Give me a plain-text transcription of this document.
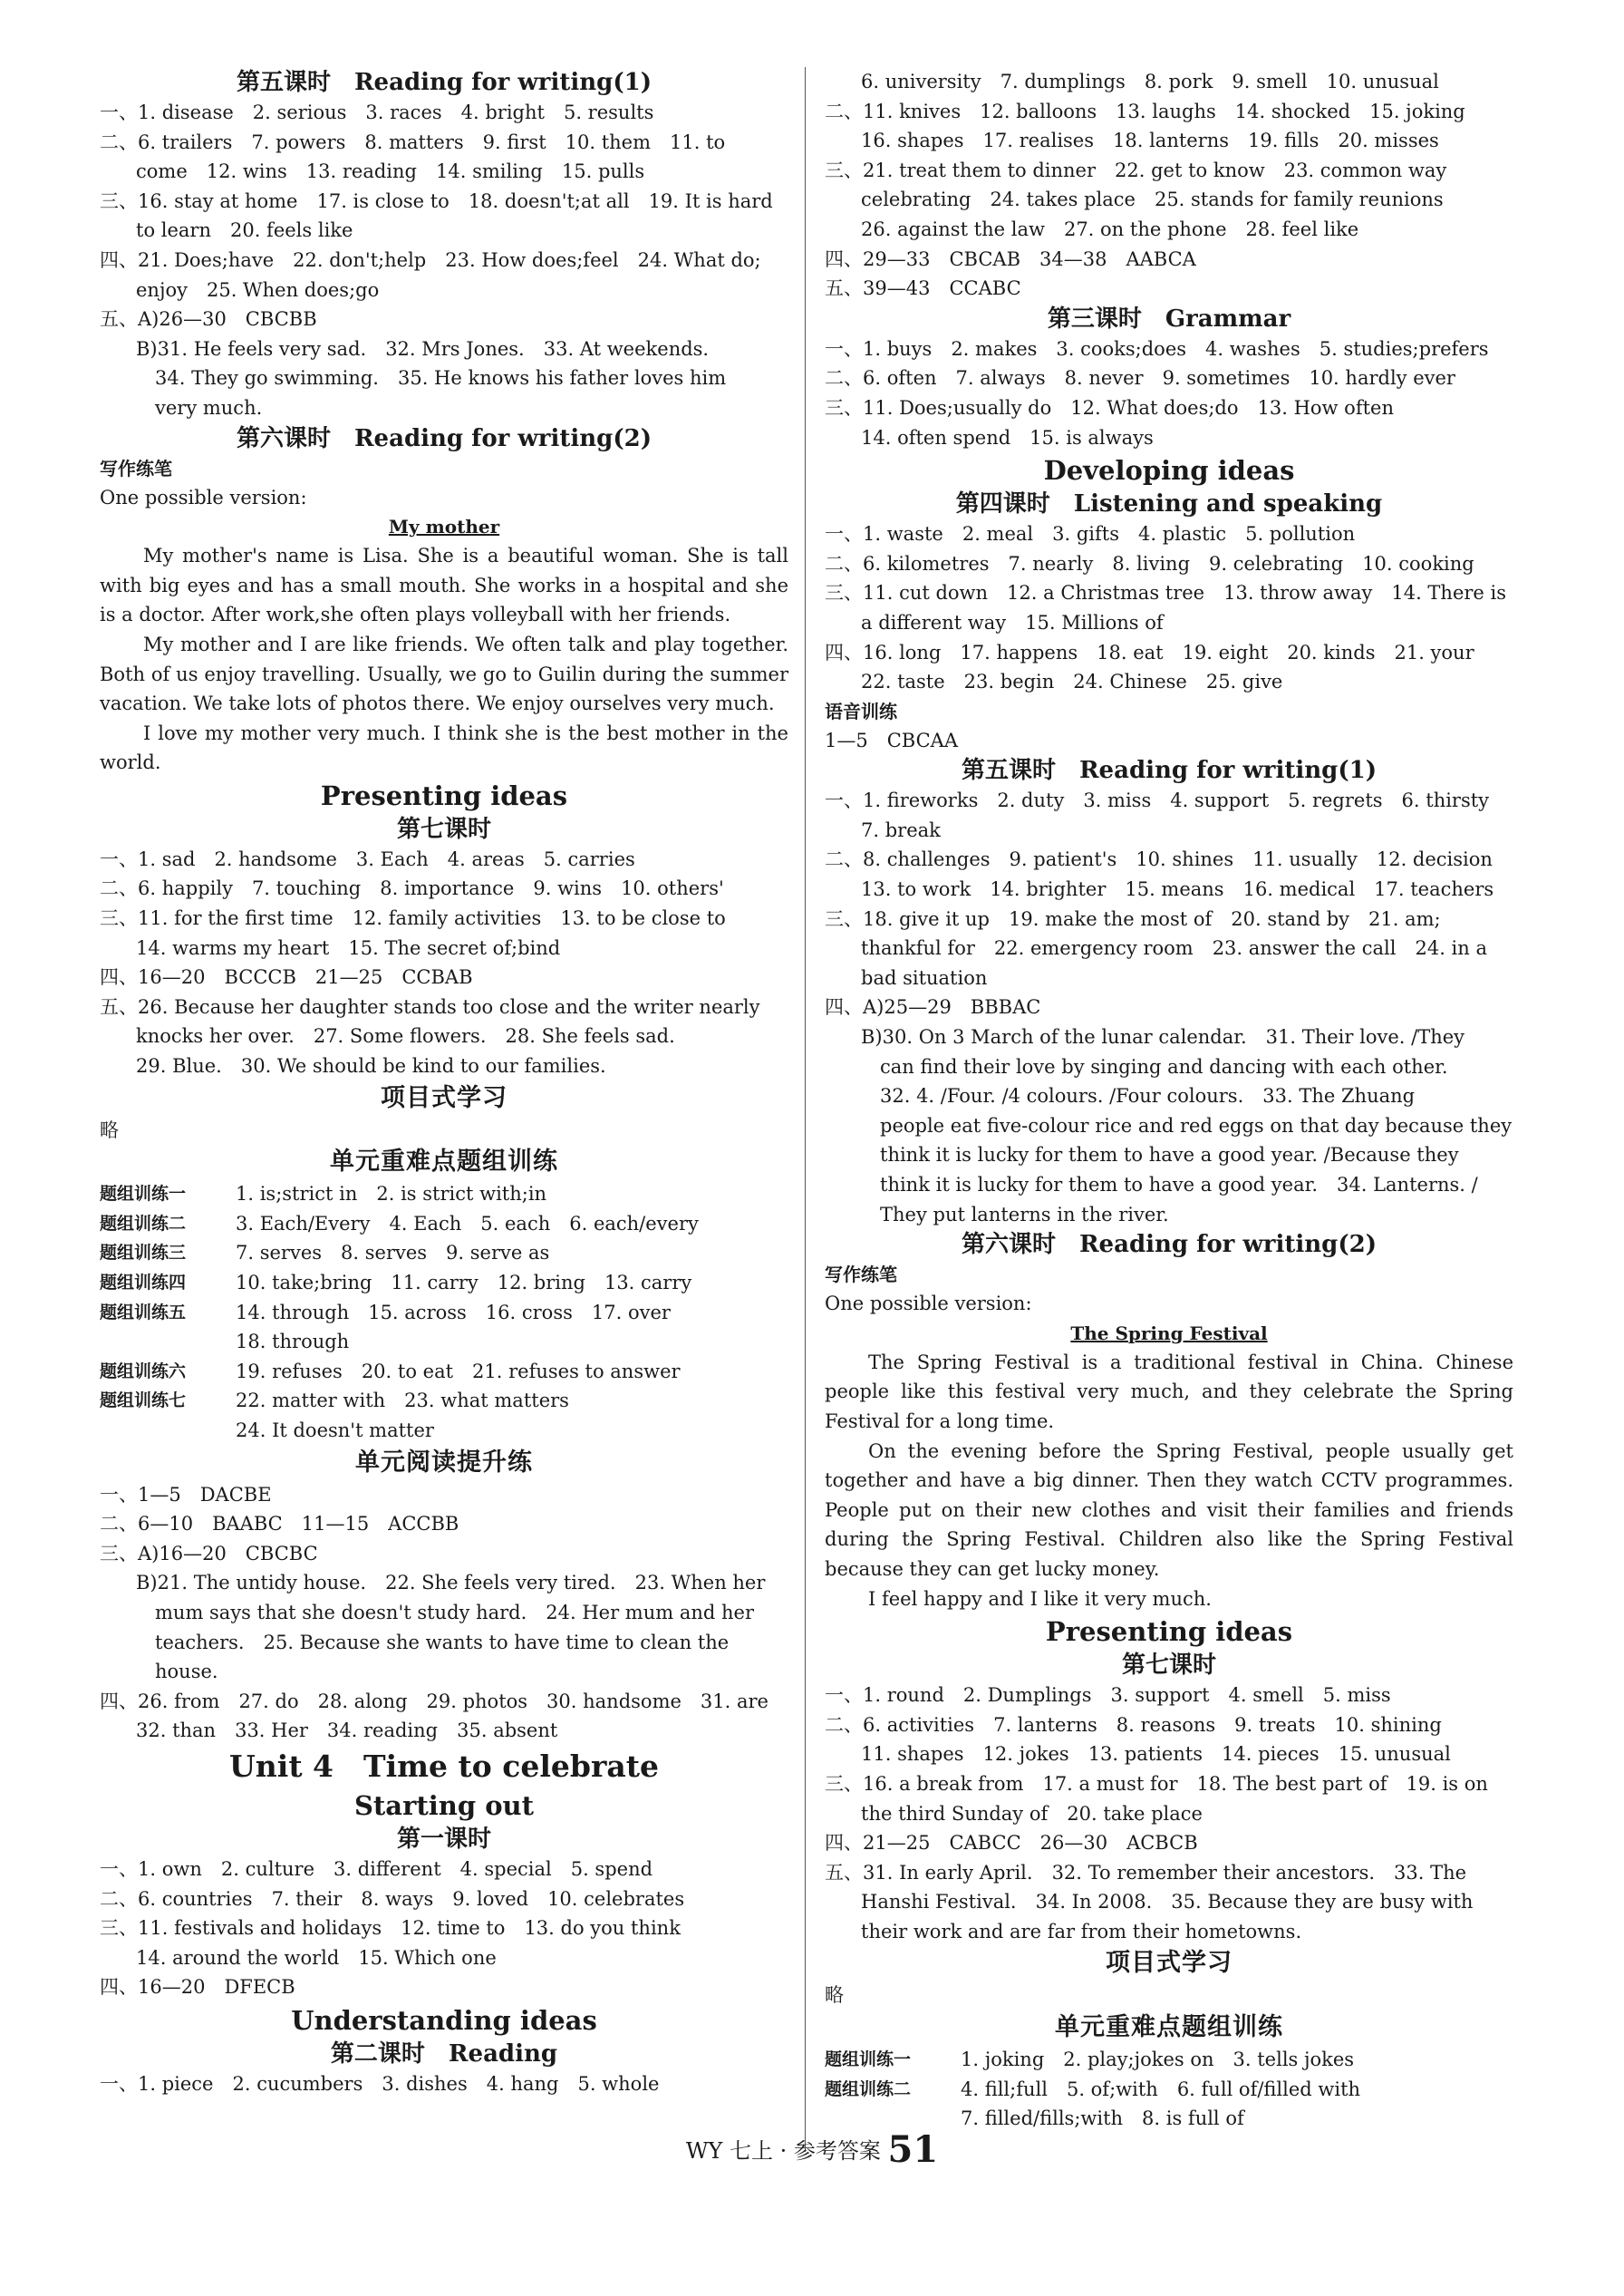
第五课时　Reading for writing(1)
一、1. disease　2. serious　3. races　4. bright　5. results
二、6. trailers　7. powers　8. matters　9. first　10. them　11. to
come　12. wins　13. reading　14. smiling　15. pulls
三、16. stay at home　17. is close to　18. doesn't;at all　19. It is hard
to learn　20. feels like
四、21. Does;have　22. don't;help　23. How does;feel　24. What do;
enjoy　25. When does;go
五、A)26—30　CBCBB
B)31. He feels very sad.　32. Mrs Jones.　33. At weekends.
　34. They go swimming.　35. He knows his father loves him
　very much.
第六课时　Reading for writing(2)
写作练笔
One possible version:
My mother
My mother's name is Lisa. She is a beautiful woman. She is tall with big eyes and has a small mouth. She works in a hospital and she is a doctor. After work,she often plays volleyball with her friends.
My mother and I are like friends. We often talk and play together. Both of us enjoy travelling. Usually, we go to Guilin during the summer vacation. We take lots of photos there. We enjoy ourselves very much.
I love my mother very much. I think she is the best mother in the world.
Presenting ideas
第七课时
一、1. sad　2. handsome　3. Each　4. areas　5. carries
二、6. happily　7. touching　8. importance　9. wins　10. others'
三、11. for the first time　12. family activities　13. to be close to
14. warms my heart　15. The secret of;bind
四、16—20　BCCCB　21—25　CCBAB
五、26. Because her daughter stands too close and the writer nearly
knocks her over.　27. Some flowers.　28. She feels sad.
29. Blue.　30. We should be kind to our families.
项目式学习
略
单元重难点题组训练
题组训练一	1. is;strict in　2. is strict with;in
题组训练二	3. Each/Every　4. Each　5. each　6. each/every
题组训练三	7. serves　8. serves　9. serve as
题组训练四	10. take;bring　11. carry　12. bring　13. carry
题组训练五	14. through　15. across　16. cross　17. over
18. through
题组训练六	19. refuses　20. to eat　21. refuses to answer
题组训练七	22. matter with　23. what matters
24. It doesn't matter
单元阅读提升练
一、1—5　DACBE
二、6—10　BAABC　11—15　ACCBB
三、A)16—20　CBCBC
B)21. The untidy house.　22. She feels very tired.　23. When her
　mum says that she doesn't study hard.　24. Her mum and her
　teachers.　25. Because she wants to have time to clean the
　house.
四、26. from　27. do　28. along　29. photos　30. handsome　31. are
32. than　33. Her　34. reading　35. absent
Unit 4　Time to celebrate
Starting out
第一课时
一、1. own　2. culture　3. different　4. special　5. spend
二、6. countries　7. their　8. ways　9. loved　10. celebrates
三、11. festivals and holidays　12. time to　13. do you think
14. around the world　15. Which one
四、16—20　DFECB
Understanding ideas
第二课时　Reading
一、1. piece　2. cucumbers　3. dishes　4. hang　5. whole
6. university　7. dumplings　8. pork　9. smell　10. unusual
二、11. knives　12. balloons　13. laughs　14. shocked　15. joking
16. shapes　17. realises　18. lanterns　19. fills　20. misses
三、21. treat them to dinner　22. get to know　23. common way
celebrating　24. takes place　25. stands for family reunions
26. against the law　27. on the phone　28. feel like
四、29—33　CBCAB　34—38　AABCA
五、39—43　CCABC
第三课时　Grammar
一、1. buys　2. makes　3. cooks;does　4. washes　5. studies;prefers
二、6. often　7. always　8. never　9. sometimes　10. hardly ever
三、11. Does;usually do　12. What does;do　13. How often
14. often spend　15. is always
Developing ideas
第四课时　Listening and speaking
一、1. waste　2. meal　3. gifts　4. plastic　5. pollution
二、6. kilometres　7. nearly　8. living　9. celebrating　10. cooking
三、11. cut down　12. a Christmas tree　13. throw away　14. There is
a different way　15. Millions of
四、16. long　17. happens　18. eat　19. eight　20. kinds　21. your
22. taste　23. begin　24. Chinese　25. give
语音训练
1—5　CBCAA
第五课时　Reading for writing(1)
一、1. fireworks　2. duty　3. miss　4. support　5. regrets　6. thirsty
7. break
二、8. challenges　9. patient's　10. shines　11. usually　12. decision
13. to work　14. brighter　15. means　16. medical　17. teachers
三、18. give it up　19. make the most of　20. stand by　21. am;
thankful for　22. emergency room　23. answer the call　24. in a
bad situation
四、A)25—29　BBBAC
B)30. On 3 March of the lunar calendar.　31. Their love. /They
　can find their love by singing and dancing with each other.
　32. 4. /Four. /4 colours. /Four colours.　33. The Zhuang
　people eat five-colour rice and red eggs on that day because they
　think it is lucky for them to have a good year. /Because they
　think it is lucky for them to have a good year.　34. Lanterns. /
　They put lanterns in the river.
第六课时　Reading for writing(2)
写作练笔
One possible version:
The Spring Festival
The Spring Festival is a traditional festival in China. Chinese people like this festival very much, and they celebrate the Spring Festival for a long time.
On the evening before the Spring Festival, people usually get together and have a big dinner. Then they watch CCTV programmes. People put on their new clothes and visit their families and friends during the Spring Festival. Children also like the Spring Festival because they can get lucky money.
I feel happy and I like it very much.
Presenting ideas
第七课时
一、1. round　2. Dumplings　3. support　4. smell　5. miss
二、6. activities　7. lanterns　8. reasons　9. treats　10. shining
11. shapes　12. jokes　13. patients　14. pieces　15. unusual
三、16. a break from　17. a must for　18. The best part of　19. is on
the third Sunday of　20. take place
四、21—25　CABCC　26—30　ACBCB
五、31. In early April.　32. To remember their ancestors.　33. The
Hanshi Festival.　34. In 2008.　35. Because they are busy with
their work and are far from their hometowns.
项目式学习
略
单元重难点题组训练
题组训练一	1. joking　2. play;jokes on　3. tells jokes
题组训练二	4. fill;full　5. of;with　6. full of/filled with
7. filled/fills;with　8. is full of
WY 七上 · 参考答案 51
